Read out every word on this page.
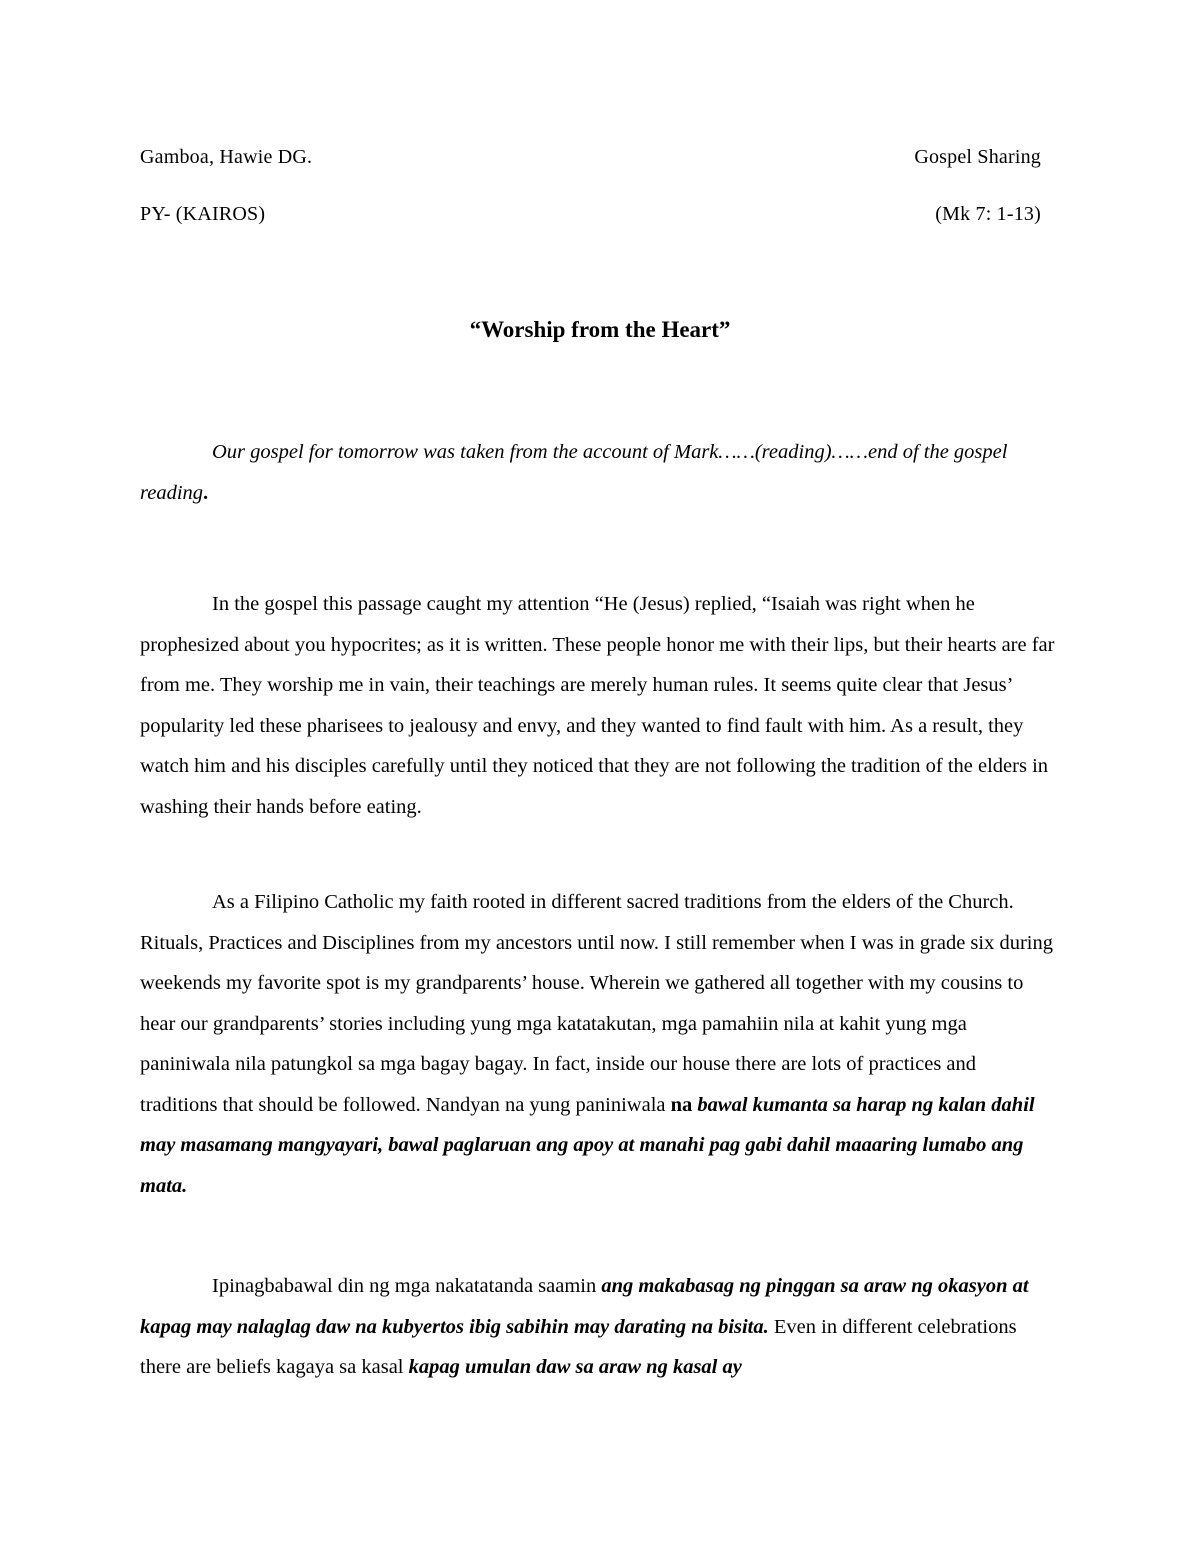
Gamboa, Hawie DG.	Gospel Sharing
PY- (KAIROS)	(Mk 7: 1-13)
“Worship from the Heart”

Our gospel for tomorrow was taken from the account of Mark……(reading)……end of the gospel reading.

In the gospel this passage caught my attention “He (Jesus) replied, “Isaiah was right when he prophesized about you hypocrites; as it is written. These people honor me with their lips, but their hearts are far from me. They worship me in vain, their teachings are merely human rules. It seems quite clear that Jesus’ popularity led these pharisees to jealousy and envy, and they wanted to find fault with him. As a result, they watch him and his disciples carefully until they noticed that they are not following the tradition of the elders in washing their hands before eating.

As a Filipino Catholic my faith rooted in different sacred traditions from the elders of the Church. Rituals, Practices and Disciplines from my ancestors until now. I still remember when I was in grade six during weekends my favorite spot is my grandparents’ house. Wherein we gathered all together with my cousins to hear our grandparents’ stories including yung mga katatakutan, mga pamahiin nila at kahit yung mga paniniwala nila patungkol sa mga bagay bagay. In fact, inside our house there are lots of practices and traditions that should be followed. Nandyan na yung paniniwala na bawal kumanta sa harap ng kalan dahil may masamang mangyayari, bawal paglaruan ang apoy at manahi pag gabi dahil maaaring lumabo ang mata.

Ipinagbabawal din ng mga nakatatanda saamin ang makabasag ng pinggan sa araw ng okasyon at kapag may nalaglag daw na kubyertos ibig sabihin may darating na bisita. Even in different celebrations there are beliefs kagaya sa kasal kapag umulan daw sa araw ng kasal ay
